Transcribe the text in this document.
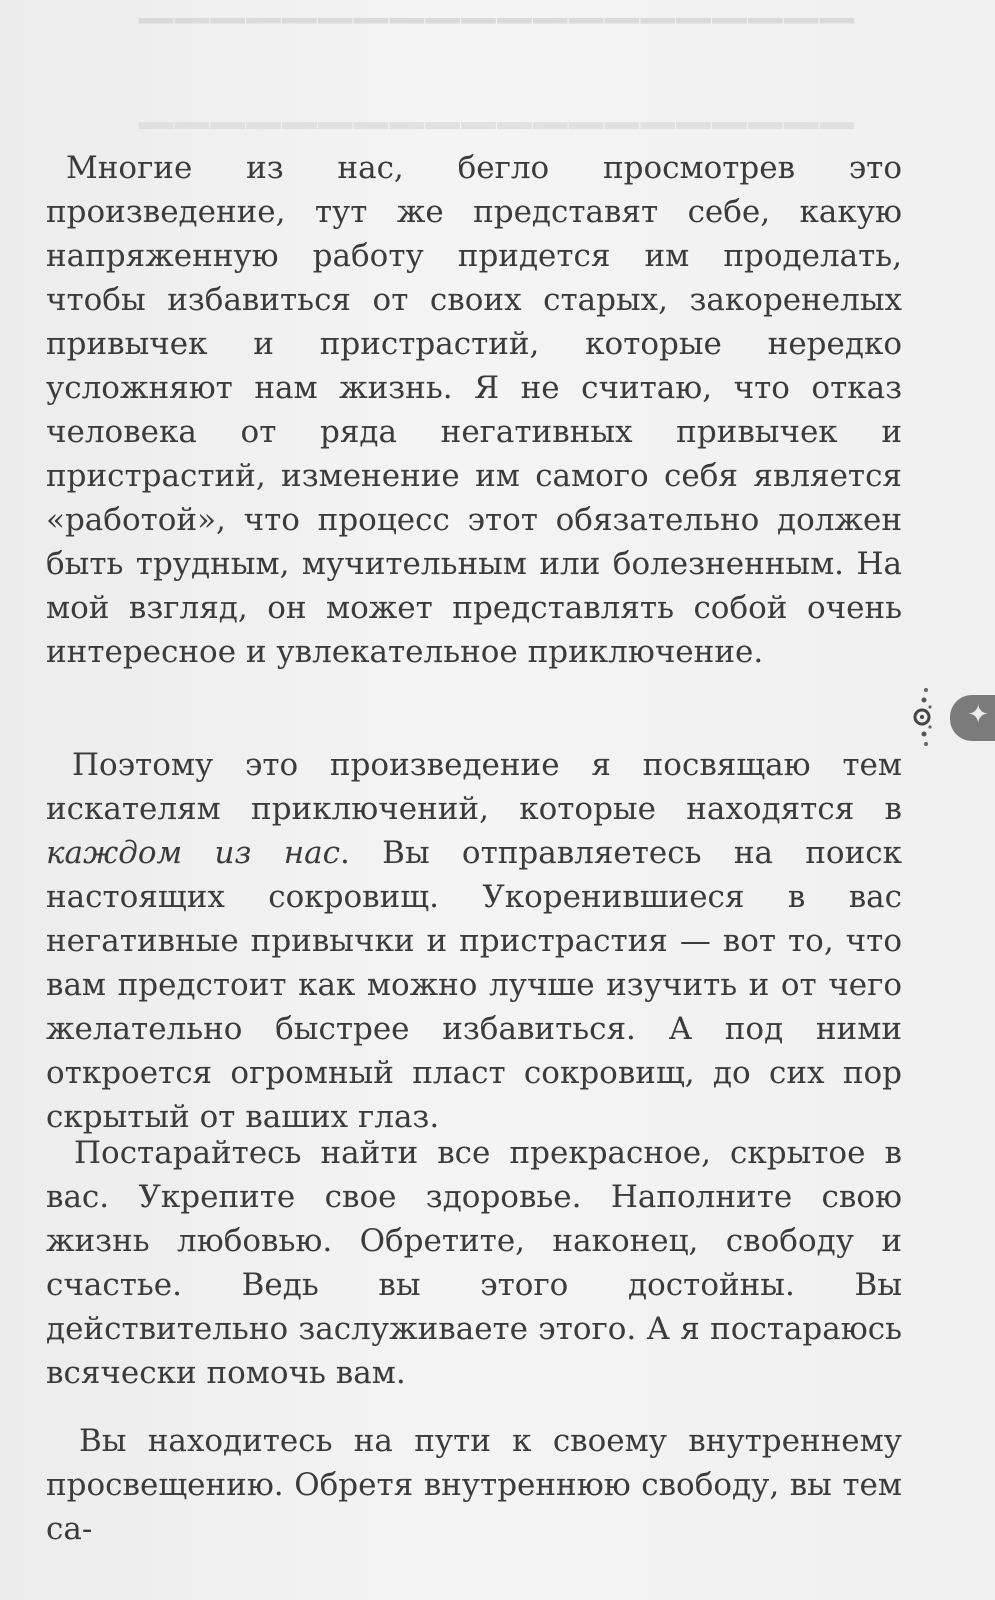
▔▔▔▔▔▔▔▔▔▔▔▔▔▔▔▔▔▔▔▔
▁▁▁▁▁▁▁▁▁▁▁▁▁▁▁▁▁▁▁▁

Многие из нас, бегло просмотрев это произведение, тут же представят себе, какую напряженную работу придется им проделать, чтобы избавиться от своих старых, закоренелых привычек и пристрастий, которые нередко усложняют нам жизнь. Я не считаю, что отказ человека от ряда негативных привычек и пристрастий, изменение им самого себя является «работой», что процесс этот обязательно должен быть трудным, мучительным или болезненным. На мой взгляд, он может представлять собой очень интересное и увлекательное приключение.

Поэтому это произведение я посвящаю тем искателям приключений, которые находятся в каждом из нас. Вы отправляетесь на поиск настоящих сокровищ. Укоренившиеся в вас негативные привычки и пристрастия — вот то, что вам предстоит как можно лучше изучить и от чего желательно быстрее избавиться. А под ними откроется огромный пласт сокровищ, до сих пор скрытый от ваших глаз.

Постарайтесь найти все прекрасное, скрытое в вас. Укрепите свое здоровье. Наполните свою жизнь любовью. Обретите, наконец, свободу и счастье. Ведь вы этого достойны. Вы действительно заслуживаете этого. А я постараюсь всячески помочь вам.

Вы находитесь на пути к своему внутреннему просвещению. Обретя внутреннюю свободу, вы тем са-

✦
